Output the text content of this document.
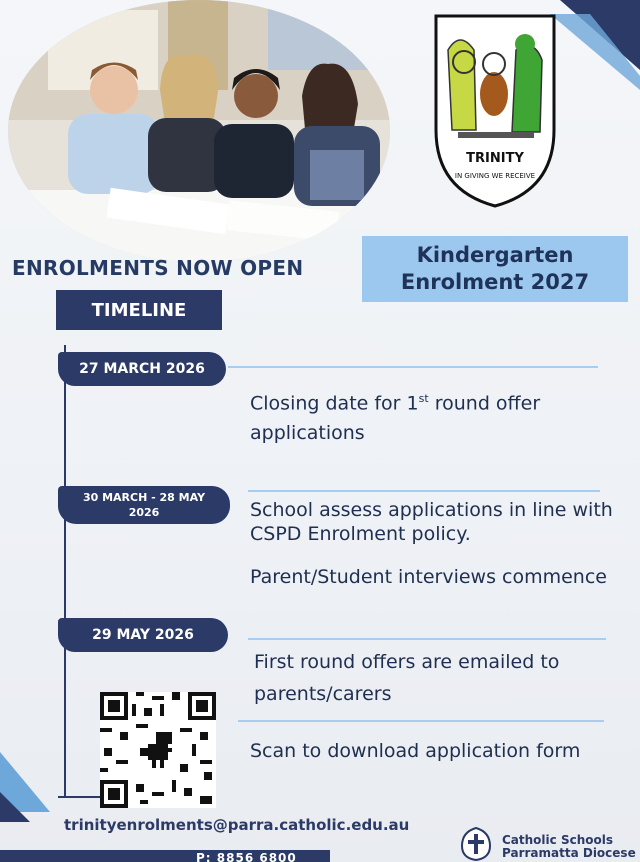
TRINITY
IN GIVING WE RECEIVE
ENROLMENTS NOW OPEN
Kindergarten
Enrolment 2027
TIMELINE
27 MARCH 2026
Closing date for 1st round offer applications
30 MARCH - 28 MAY
2026	School assess applications in line with CSPD Enrolment policy.
Parent/Student interviews commence
29 MAY 2026
First round offers are emailed to parents/carers
Scan to download application form
trinityenrolments@parra.catholic.edu.au
P: 8856 6800
Catholic Schools
Parramatta Diocese
